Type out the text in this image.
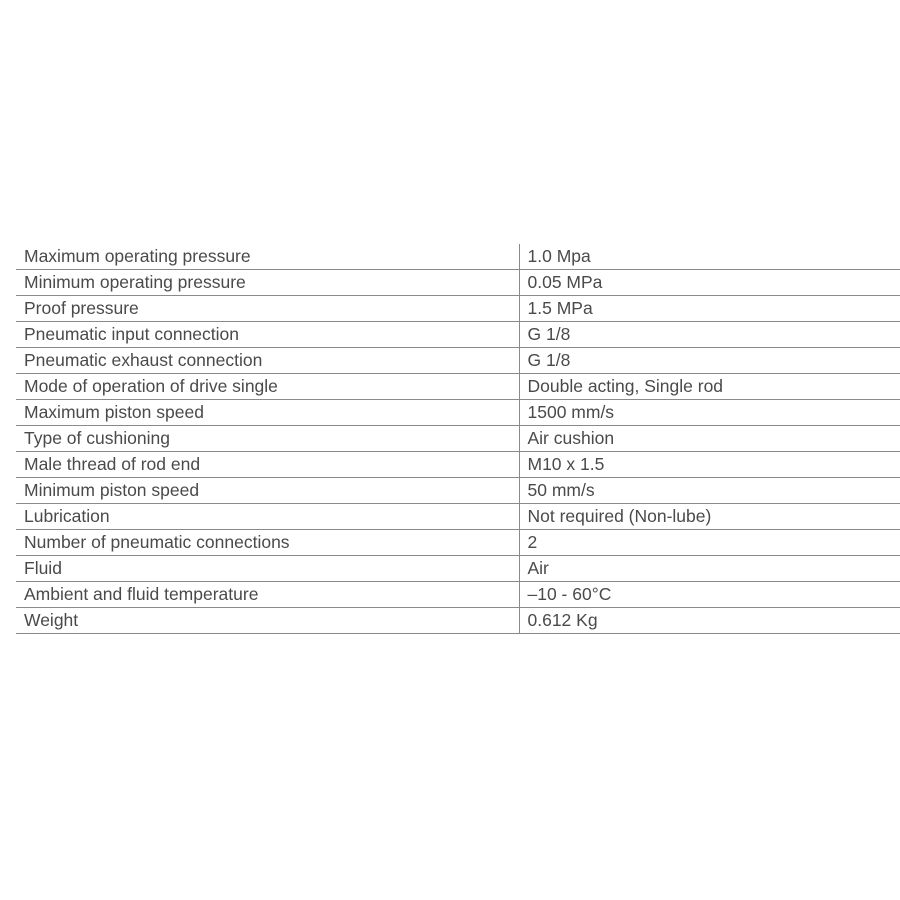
Maximum operating pressure	1.0 Mpa
Minimum operating pressure	0.05 MPa
Proof pressure	1.5 MPa
Pneumatic input connection	G 1/8
Pneumatic exhaust connection	G 1/8
Mode of operation of drive single	Double acting, Single rod
Maximum piston speed	1500 mm/s
Type of cushioning	Air cushion
Male thread of rod end	M10 x 1.5
Minimum piston speed	50 mm/s
Lubrication	Not required (Non-lube)
Number of pneumatic connections	2
Fluid	Air
Ambient and fluid temperature	–10 - 60°C
Weight	0.612 Kg
